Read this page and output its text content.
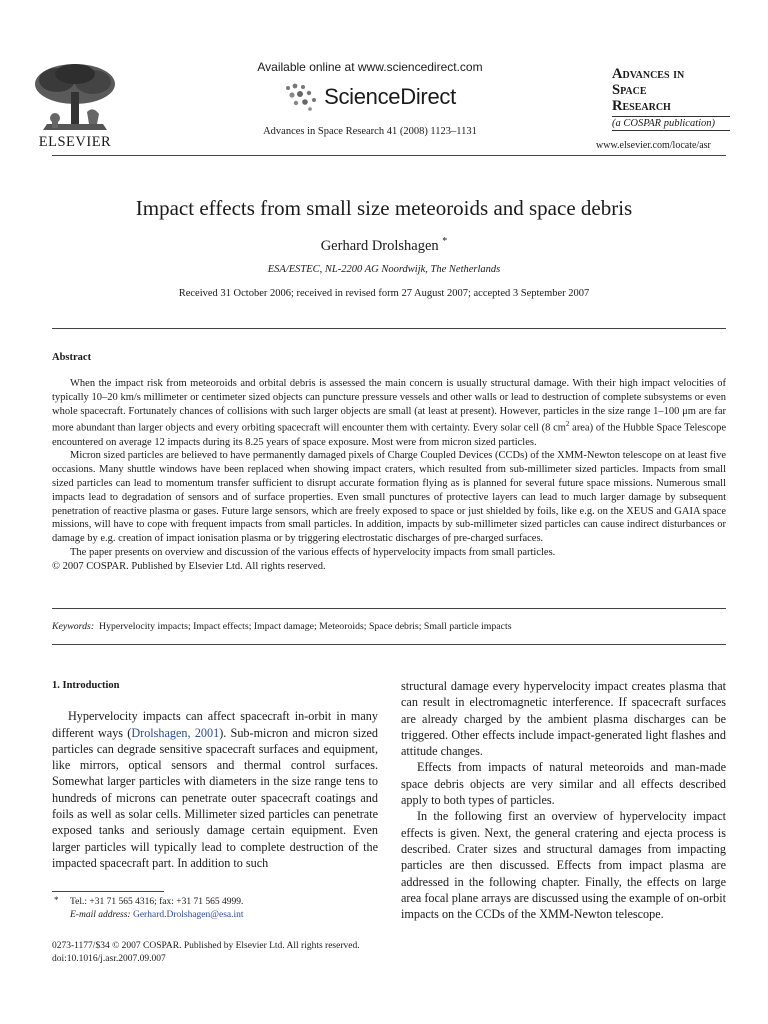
ELSEVIER
Available online at www.sciencedirect.com
ScienceDirect
Advances in Space Research 41 (2008) 1123–1131
Advances in
Space
Research
(a COSPAR publication)
www.elsevier.com/locate/asr
Impact effects from small size meteoroids and space debris
Gerhard Drolshagen *
ESA/ESTEC, NL-2200 AG Noordwijk, The Netherlands
Received 31 October 2006; received in revised form 27 August 2007; accepted 3 September 2007
Abstract

When the impact risk from meteoroids and orbital debris is assessed the main concern is usually structural damage. With their high impact velocities of typically 10–20 km/s millimeter or centimeter sized objects can puncture pressure vessels and other walls or lead to destruction of complete subsystems or even whole spacecraft. Fortunately chances of collisions with such larger objects are small (at least at present). However, particles in the size range 1–100 μm are far more abundant than larger objects and every orbiting spacecraft will encounter them with certainty. Every solar cell (8 $cm^2$ area) of the Hubble Space Telescope encountered on average 12 impacts during its 8.25 years of space exposure. Most were from micron sized particles.

Micron sized particles are believed to have permanently damaged pixels of Charge Coupled Devices (CCDs) of the XMM-Newton telescope on at least five occasions. Many shuttle windows have been replaced when showing impact craters, which resulted from sub-millimeter sized particles. Impacts from small sized particles can lead to momentum transfer sufficient to disrupt accurate formation flying as is planned for several future space missions. Numerous small impacts lead to degradation of sensors and of surface properties. Even small punctures of protective layers can lead to much larger damage by subsequent penetration of reactive plasma or gases. Future large sensors, which are freely exposed to space or just shielded by foils, like e.g. on the XEUS and GAIA space missions, will have to cope with frequent impacts from small particles. In addition, impacts by sub-millimeter sized particles can cause indirect disturbances or damage by e.g. creation of impact ionisation plasma or by triggering electrostatic discharges of pre-charged surfaces.

The paper presents on overview and discussion of the various effects of hypervelocity impacts from small particles.

© 2007 COSPAR. Published by Elsevier Ltd. All rights reserved.

Keywords: Hypervelocity impacts; Impact effects; Impact damage; Meteoroids; Space debris; Small particle impacts
1. Introduction

Hypervelocity impacts can affect spacecraft in-orbit in many different ways (Drolshagen, 2001). Sub-micron and micron sized particles can degrade sensitive spacecraft surfaces and equipment, like mirrors, optical sensors and thermal control surfaces. Somewhat larger particles with diameters in the size range tens to hundreds of microns can penetrate outer spacecraft coatings and foils as well as solar cells. Millimeter sized particles can penetrate exposed tanks and seriously damage certain equipment. Even larger particles will typically lead to complete destruction of the impacted spacecraft part. In addition to such

* Tel.: +31 71 565 4316; fax: +31 71 565 4999.
E-mail address: Gerhard.Drolshagen@esa.int

structural damage every hypervelocity impact creates plasma that can result in electromagnetic interference. If spacecraft surfaces are already charged by the ambient plasma discharges can be triggered. Other effects include impact-generated light flashes and attitude changes.

Effects from impacts of natural meteoroids and man-made space debris objects are very similar and all effects described apply to both types of particles.

In the following first an overview of hypervelocity impact effects is given. Next, the general cratering and ejecta process is described. Crater sizes and structural damages from impacting particles are then discussed. Effects from impact plasma are addressed in the following chapter. Finally, the effects on large area focal plane arrays are discussed using the example of on-orbit impacts on the CCDs of the XMM-Newton telescope.

0273-1177/$34 © 2007 COSPAR. Published by Elsevier Ltd. All rights reserved.
doi:10.1016/j.asr.2007.09.007
